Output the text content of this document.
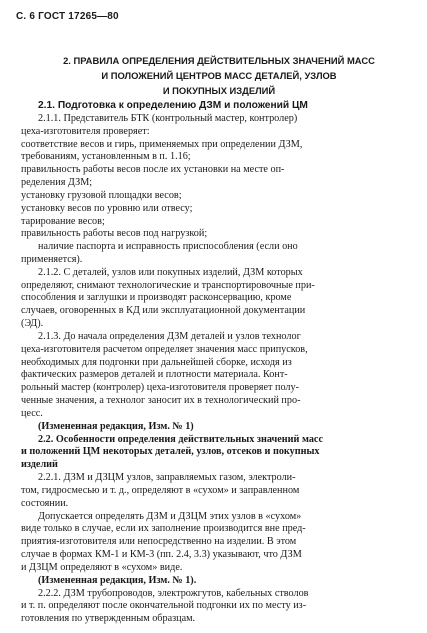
С. 6 ГОСТ 17265—80
2. ПРАВИЛА ОПРЕДЕЛЕНИЯ ДЕЙСТВИТЕЛЬНЫХ ЗНАЧЕНИЙ МАСС
И ПОЛОЖЕНИЙ ЦЕНТРОВ МАСС ДЕТАЛЕЙ, УЗЛОВ
И ПОКУПНЫХ ИЗДЕЛИЙ
2.1. Подготовка к определению ДЗМ и положений ЦМ
2.1.1. Представитель БТК (контрольный мастер, контролер)
цеха-изготовителя проверяет:
соответствие весов и гирь, применяемых при определении ДЗМ,
требованиям, установленным в п. 1.16;
правильность работы весов после их установки на месте оп-
ределения ДЗМ;
установку грузовой площадки весов;
установку весов по уровню или отвесу;
тарирование весов;
правильность работы весов под нагрузкой;
наличие паспорта и исправность приспособления (если оно
применяется).
2.1.2. С деталей, узлов или покупных изделий, ДЗМ которых
определяют, снимают технологические и транспортировочные при-
способления и заглушки и производят расконсервацию, кроме
случаев, оговоренных в КД или эксплуатационной документации
(ЭД).
2.1.3. До начала определения ДЗМ деталей и узлов технолог
цеха-изготовителя расчетом определяет значения масс припусков,
необходимых для подгонки при дальнейшей сборке, исходя из
фактических размеров деталей и плотности материала. Конт-
рольный мастер (контролер) цеха-изготовителя проверяет полу-
ченные значения, а технолог заносит их в технологический про-
цесс.
(Измененная редакция, Изм. № 1)
2.2. Особенности определения действительных значений масс
и положений ЦМ некоторых деталей, узлов, отсеков и покупных
изделий
2.2.1. ДЗМ и ДЗЦМ узлов, заправляемых газом, электроли-
том, гидросмесью и т. д., определяют в «сухом» и заправленном
состоянии.
Допускается определять ДЗМ и ДЗЦМ этих узлов в «сухом»
виде только в случае, если их заполнение производится вне пред-
приятия-изготовителя или непосредственно на изделии. В этом
случае в формах КМ-1 и КМ-3 (пп. 2.4, 3.3) указывают, что ДЗМ
и ДЗЦМ определяют в «сухом» виде.
(Измененная редакция, Изм. № 1).
2.2.2. ДЗМ трубопроводов, электрожгутов, кабельных стволов
и т. п. определяют после окончательной подгонки их по месту из-
готовления по утвержденным образцам.
